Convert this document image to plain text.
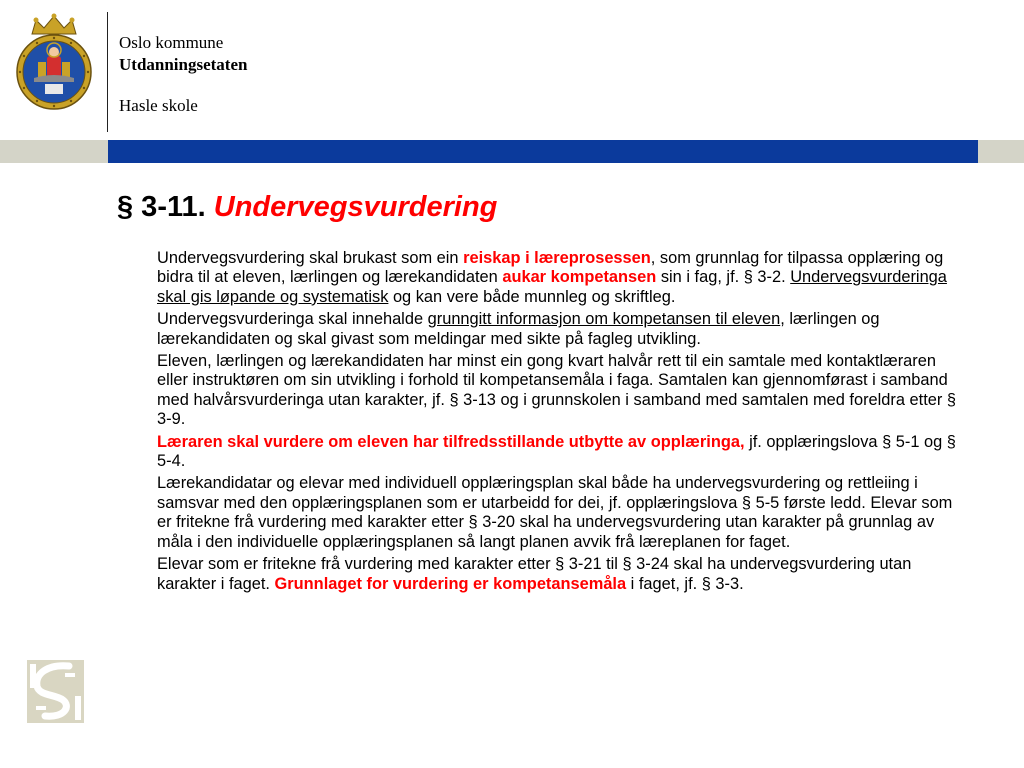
Oslo kommune
Utdanningsetaten
Hasle skole
§ 3-11. Undervegsvurdering

Undervegsvurdering skal brukast som ein reiskap i læreprosessen, som grunnlag for tilpassa opplæring og bidra til at eleven, lærlingen og lærekandidaten aukar kompetansen sin i fag, jf. § 3-2. Undervegsvurderinga skal gis løpande og systematisk og kan vere både munnleg og skriftleg.

Undervegsvurderinga skal innehalde grunngitt informasjon om kompetansen til eleven, lærlingen og lærekandidaten og skal givast som meldingar med sikte på fagleg utvikling.

Eleven, lærlingen og lærekandidaten har minst ein gong kvart halvår rett til ein samtale med kontaktlæraren eller instruktøren om sin utvikling i forhold til kompetansemåla i faga. Samtalen kan gjennomførast i samband med halvårsvurderinga utan karakter, jf. § 3-13 og i grunnskolen i samband med samtalen med foreldra etter § 3-9.

Læraren skal vurdere om eleven har tilfredsstillande utbytte av opplæringa, jf. opplæringslova § 5-1 og § 5-4.

Lærekandidatar og elevar med individuell opplæringsplan skal både ha undervegsvurdering og rettleiing i samsvar med den opplæringsplanen som er utarbeidd for dei, jf. opplæringslova § 5-5 første ledd. Elevar som er fritekne frå vurdering med karakter etter § 3-20 skal ha undervegsvurdering utan karakter på grunnlag av måla i den individuelle opplæringsplanen så langt planen avvik frå læreplanen for faget.

Elevar som er fritekne frå vurdering med karakter etter § 3-21 til § 3-24 skal ha undervegsvurdering utan karakter i faget. Grunnlaget for vurdering er kompetansemåla i faget, jf. § 3-3.
